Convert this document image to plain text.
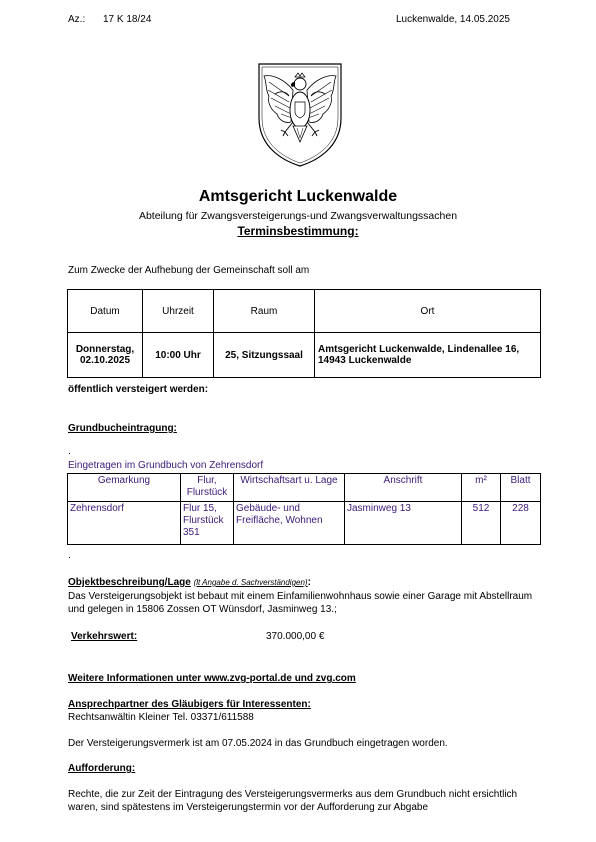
Az.: 17 K 18/24	Luckenwalde, 14.05.2025
Amtsgericht Luckenwalde
Abteilung für Zwangsversteigerungs-und Zwangsverwaltungssachen
Terminsbestimmung:
Zum Zwecke der Aufhebung der Gemeinschaft soll am
Datum	Uhrzeit	Raum	Ort

Donnerstag,
02.10.2025	10:00 Uhr	25, Sitzungssaal	Amtsgericht Luckenwalde, Lindenallee 16, 14943 Luckenwalde
öffentlich versteigert werden:
Grundbucheintragung:
.
Eingetragen im Grundbuch von Zehrensdorf
Gemarkung	Flur, Flurstück	Wirtschaftsart u. Lage	Anschrift	m²	Blatt
Zehrensdorf	Flur 15, Flurstück 351	Gebäude- und Freifläche, Wohnen	Jasminweg 13	512	228
.
Objektbeschreibung/Lage (lt Angabe d. Sachverständigen):
Das Versteigerungsobjekt ist bebaut mit einem Einfamilienwohnhaus sowie einer Garage mit Abstellraum und gelegen in 15806 Zossen OT Wünsdorf, Jasminweg 13.;
Verkehrswert:	370.000,00 €
Weitere Informationen unter www.zvg-portal.de und zvg.com
Ansprechpartner des Gläubigers für Interessenten:
Rechtsanwältin Kleiner Tel. 03371/611588
Der Versteigerungsvermerk ist am 07.05.2024 in das Grundbuch eingetragen worden.
Aufforderung:
Rechte, die zur Zeit der Eintragung des Versteigerungsvermerks aus dem Grundbuch nicht ersichtlich waren, sind spätestens im Versteigerungstermin vor der Aufforderung zur Abgabe
